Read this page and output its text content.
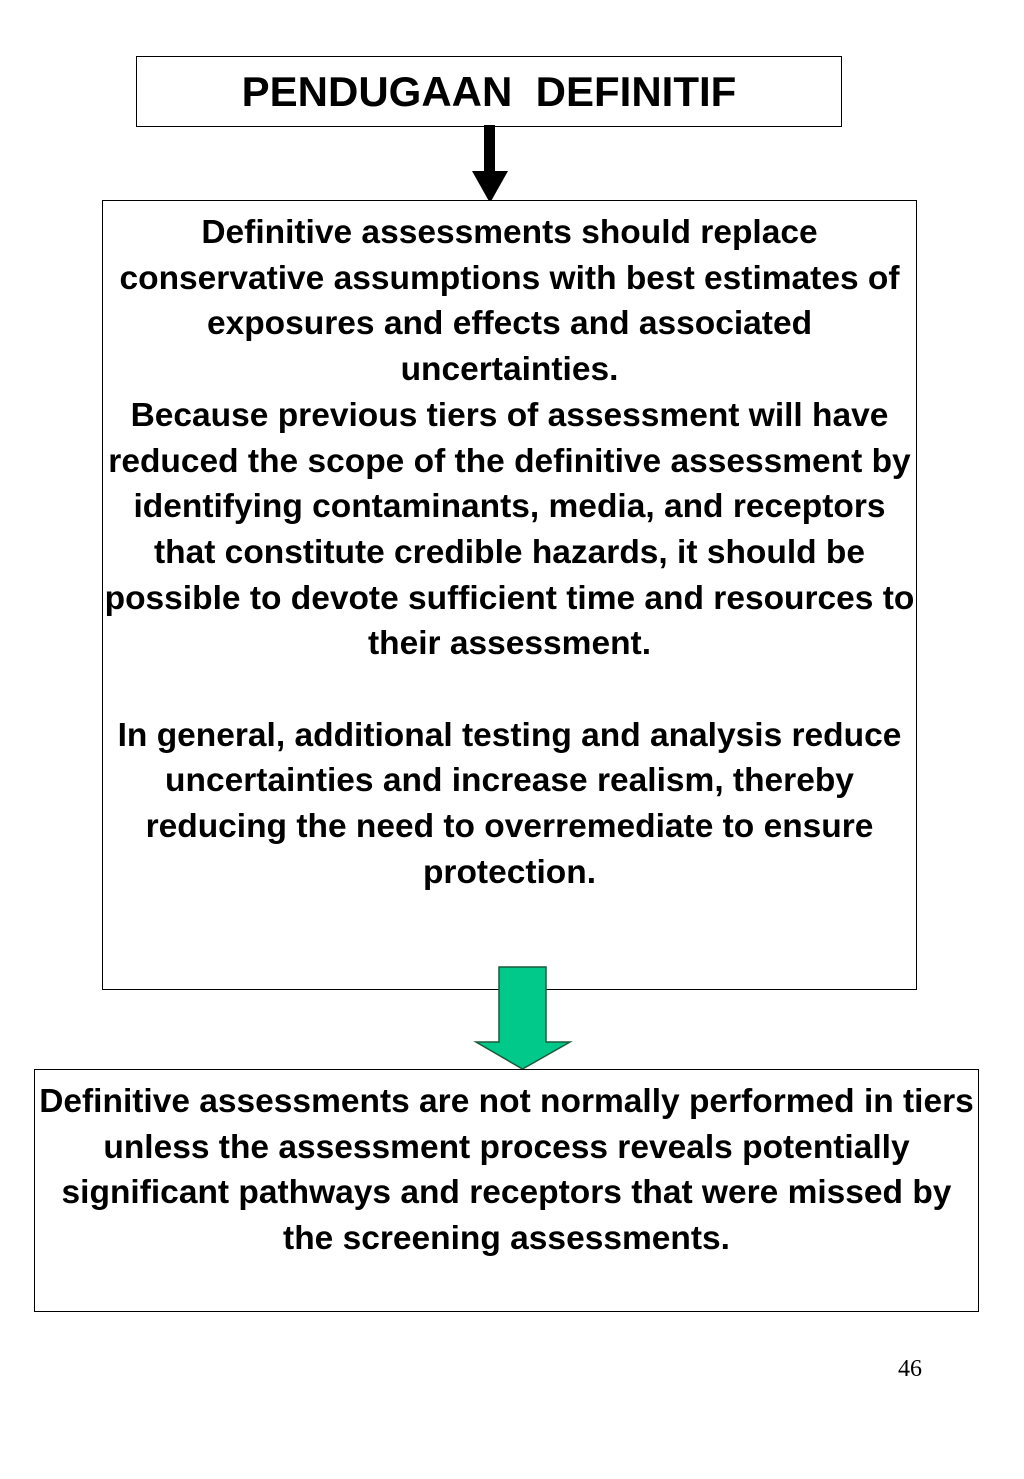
PENDUGAAN  DEFINITIF

Definitive assessments should replace conservative assumptions with best estimates of exposures and effects and associated uncertainties.

Because previous tiers of assessment will have reduced the scope of the definitive assessment by identifying contaminants, media, and receptors that constitute credible hazards, it should be possible to devote sufficient time and resources to their assessment.

In general, additional testing and analysis reduce uncertainties and increase realism, thereby reducing the need to overremediate to ensure protection.

Definitive assessments are not normally performed in tiers unless the assessment process reveals potentially significant pathways and receptors that were missed by the screening assessments.

46
